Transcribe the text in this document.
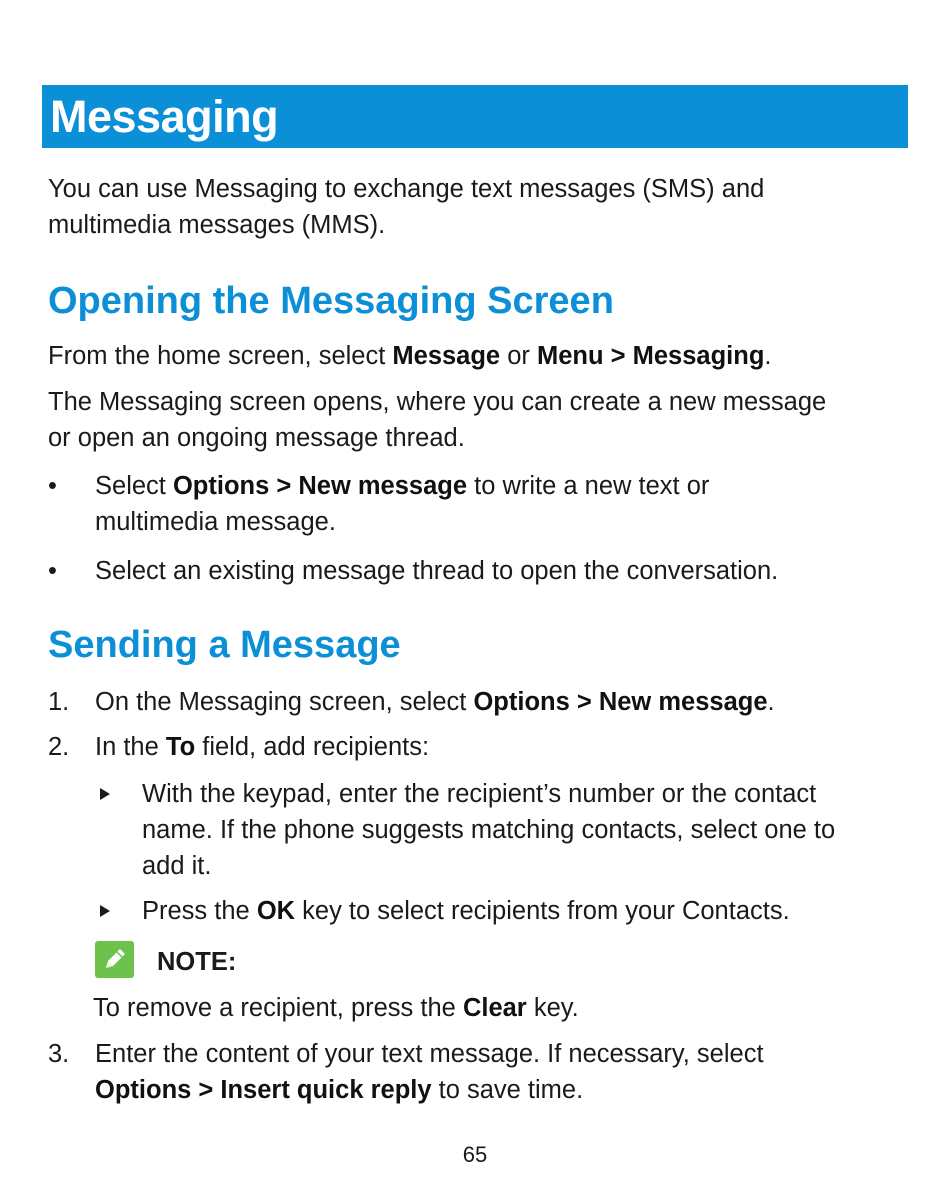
Messaging

You can use Messaging to exchange text messages (SMS) and
multimedia messages (MMS).

Opening the Messaging Screen

From the home screen, select Message or Menu > Messaging.

The Messaging screen opens, where you can create a new message
or open an ongoing message thread.

•	Select Options > New message to write a new text or
multimedia message.

•	Select an existing message thread to open the conversation.

Sending a Message
1.	On the Messaging screen, select Options > New message.

2.	In the To field, add recipients:

With the keypad, enter the recipient’s number or the contact
name. If the phone suggests matching contacts, select one to
add it.

Press the OK key to select recipients from your Contacts.

NOTE:

To remove a recipient, press the Clear key.

3.	Enter the content of your text message. If necessary, select
Options > Insert quick reply to save time.

65
